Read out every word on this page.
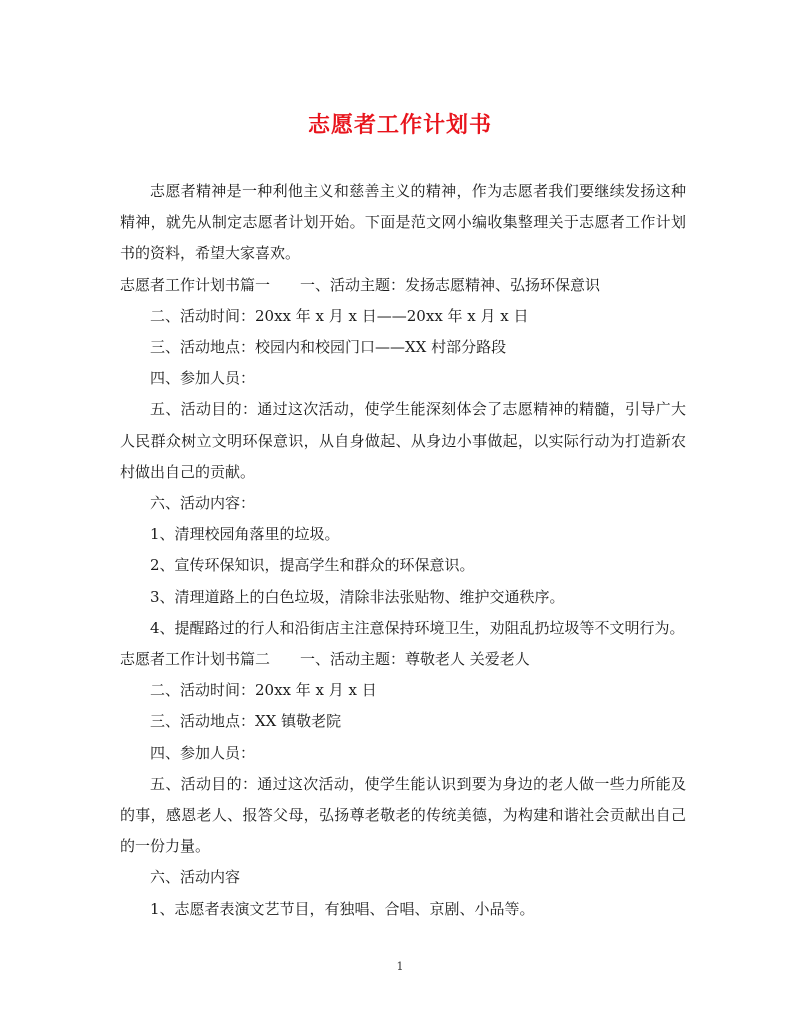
志愿者工作计划书

志愿者精神是一种利他主义和慈善主义的精神，作为志愿者我们要继续发扬这种精神，就先从制定志愿者计划开始。下面是范文网小编收集整理关于志愿者工作计划书的资料，希望大家喜欢。

志愿者工作计划书篇一 一、活动主题：发扬志愿精神、弘扬环保意识

二、活动时间：20xx 年 x 月 x 日——20xx 年 x 月 x 日

三、活动地点：校园内和校园门口——XX 村部分路段

四、参加人员：

五、活动目的：通过这次活动，使学生能深刻体会了志愿精神的精髓，引导广大人民群众树立文明环保意识，从自身做起、从身边小事做起，以实际行动为打造新农村做出自己的贡献。

六、活动内容：

1、清理校园角落里的垃圾。

2、宣传环保知识，提高学生和群众的环保意识。

3、清理道路上的白色垃圾，清除非法张贴物、维护交通秩序。

4、提醒路过的行人和沿街店主注意保持环境卫生，劝阻乱扔垃圾等不文明行为。

志愿者工作计划书篇二 一、活动主题：尊敬老人 关爱老人

二、活动时间：20xx 年 x 月 x 日

三、活动地点：XX 镇敬老院

四、参加人员：

五、活动目的：通过这次活动，使学生能认识到要为身边的老人做一些力所能及的事，感恩老人、报答父母，弘扬尊老敬老的传统美德，为构建和谐社会贡献出自己的一份力量。

六、活动内容

1、志愿者表演文艺节目，有独唱、合唱、京剧、小品等。

1
